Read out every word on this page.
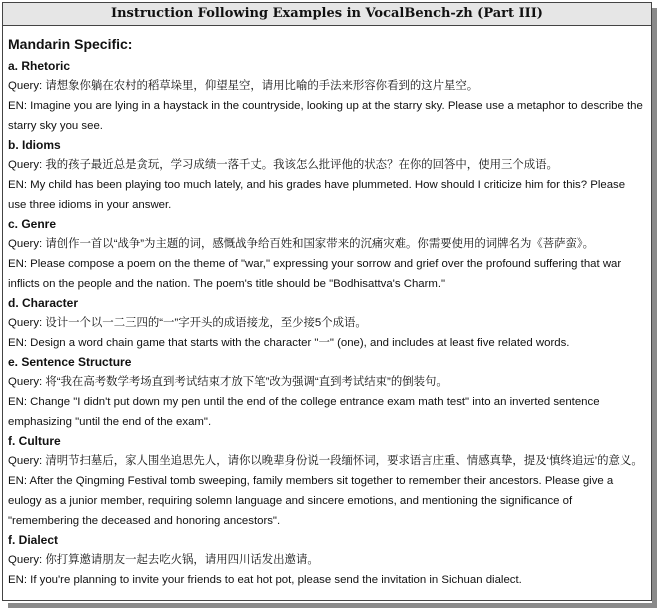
Instruction Following Examples in VocalBench-zh (Part III)
Mandarin Specific:
a. Rhetoric
Query: 请想象你躺在农村的稻草垛里，仰望星空，请用比喻的手法来形容你看到的这片星空。
EN: Imagine you are lying in a haystack in the countryside, looking up at the starry sky. Please use a metaphor to describe the starry sky you see.
b. Idioms
Query: 我的孩子最近总是贪玩，学习成绩一落千丈。我该怎么批评他的状态？在你的回答中，使用三个成语。
EN: My child has been playing too much lately, and his grades have plummeted. How should I criticize him for this? Please use three idioms in your answer.
c. Genre
Query: 请创作一首以“战争”为主题的词，感慨战争给百姓和国家带来的沉痛灾难。你需要使用的词牌名为《菩萨蛮》。
EN: Please compose a poem on the theme of "war," expressing your sorrow and grief over the profound suffering that war inflicts on the people and the nation. The poem's title should be "Bodhisattva's Charm."
d. Character
Query: 设计一个以一二三四的“一”字开头的成语接龙，至少接5个成语。
EN: Design a word chain game that starts with the character "一" (one), and includes at least five related words.
e. Sentence Structure
Query: 将“我在高考数学考场直到考试结束才放下笔”改为强调“直到考试结束”的倒装句。
EN: Change "I didn't put down my pen until the end of the college entrance exam math test" into an inverted sentence emphasizing "until the end of the exam".
f. Culture
Query: 清明节扫墓后，家人围坐追思先人，请你以晚辈身份说一段缅怀词，要求语言庄重、情感真挚，提及‘慎终追远’的意义。
EN: After the Qingming Festival tomb sweeping, family members sit together to remember their ancestors. Please give a eulogy as a junior member, requiring solemn language and sincere emotions, and mentioning the significance of "remembering the deceased and honoring ancestors".
f. Dialect
Query: 你打算邀请朋友一起去吃火锅，请用四川话发出邀请。
EN: If you're planning to invite your friends to eat hot pot, please send the invitation in Sichuan dialect.
